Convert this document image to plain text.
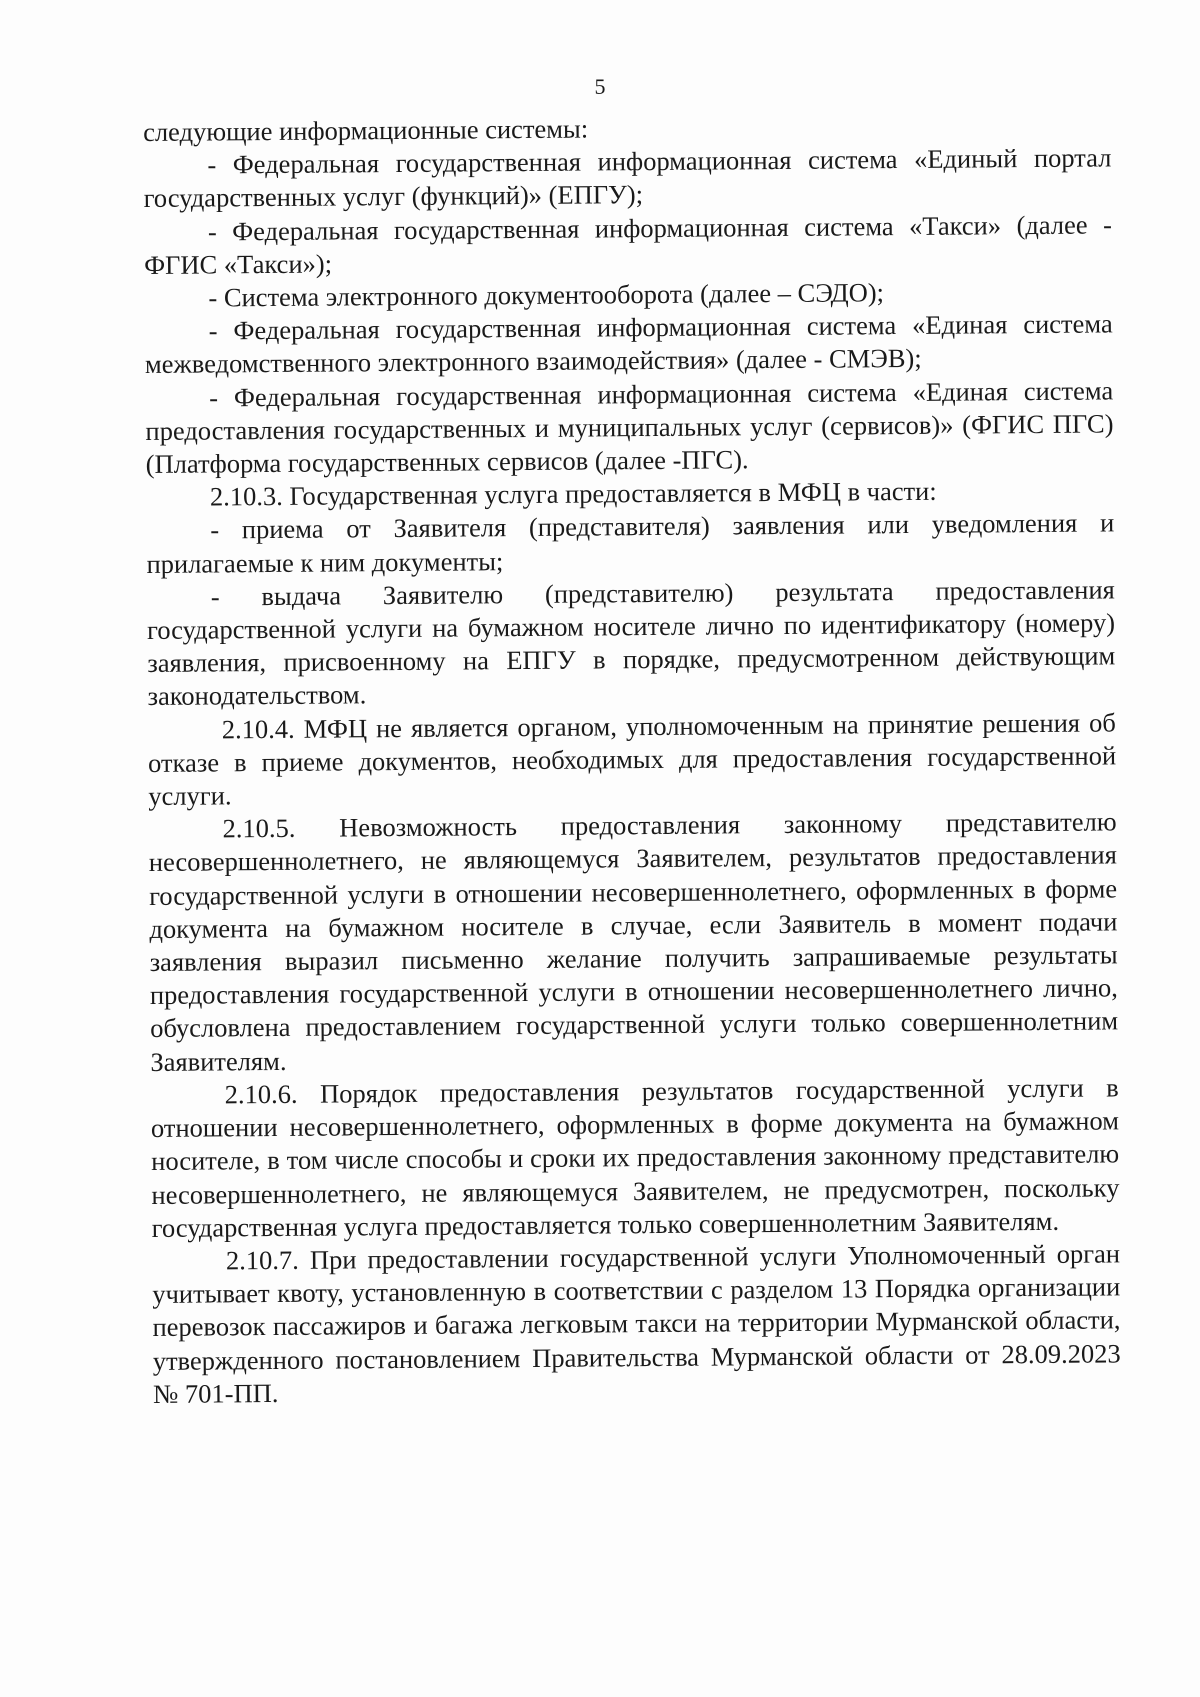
5

следующие информационные системы:

- Федеральная государственная информационная система «Единый портал государственных услуг (функций)» (ЕПГУ);

- Федеральная государственная информационная система «Такси» (далее - ФГИС «Такси»);

- Система электронного документооборота (далее – СЭДО);

- Федеральная государственная информационная система «Единая система межведомственного электронного взаимодействия» (далее - СМЭВ);

- Федеральная государственная информационная система «Единая система предоставления государственных и муниципальных услуг (сервисов)» (ФГИС ПГС) (Платформа государственных сервисов (далее -ПГС).

2.10.3. Государственная услуга предоставляется в МФЦ в части:

- приема от Заявителя (представителя) заявления или уведомления и прилагаемые к ним документы;

- выдача Заявителю (представителю) результата предоставления государственной услуги на бумажном носителе лично по идентификатору (номеру) заявления, присвоенному на ЕПГУ в порядке, предусмотренном действующим законодательством.

2.10.4. МФЦ не является органом, уполномоченным на принятие решения об отказе в приеме документов, необходимых для предоставления государственной услуги.

2.10.5. Невозможность предоставления законному представителю несовершеннолетнего, не являющемуся Заявителем, результатов предоставления государственной услуги в отношении несовершеннолетнего, оформленных в форме документа на бумажном носителе в случае, если Заявитель в момент подачи заявления выразил письменно желание получить запрашиваемые результаты предоставления государственной услуги в отношении несовершеннолетнего лично, обусловлена предоставлением государственной услуги только совершеннолетним Заявителям.

2.10.6. Порядок предоставления результатов государственной услуги в отношении несовершеннолетнего, оформленных в форме документа на бумажном носителе, в том числе способы и сроки их предоставления законному представителю несовершеннолетнего, не являющемуся Заявителем, не предусмотрен, поскольку государственная услуга предоставляется только совершеннолетним Заявителям.

2.10.7. При предоставлении государственной услуги Уполномоченный орган учитывает квоту, установленную в соответствии с разделом 13 Порядка организации перевозок пассажиров и багажа легковым такси на территории Мурманской области, утвержденного постановлением Правительства Мурманской области от 28.09.2023 № 701-ПП.
